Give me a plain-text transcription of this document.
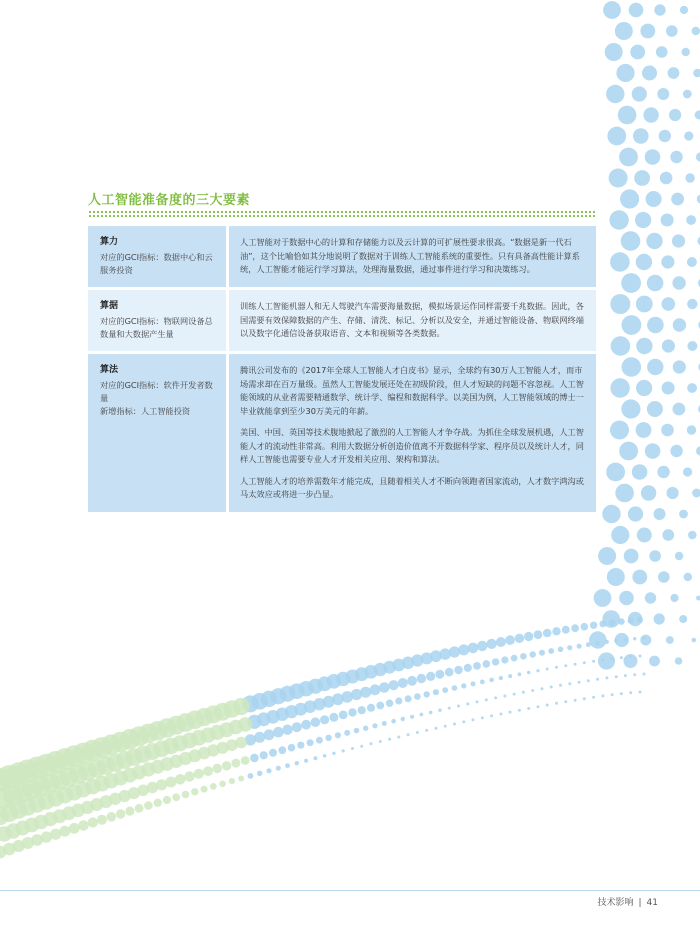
人工智能准备度的三大要素
算力
对应的GCI指标：数据中心和云服务投资

人工智能对于数据中心的计算和存储能力以及云计算的可扩展性要求很高。“数据是新一代石油”，这个比喻恰如其分地说明了数据对于训练人工智能系统的重要性。只有具备高性能计算系统，人工智能才能运行学习算法，处理海量数据，通过事件进行学习和决策练习。

算据
对应的GCI指标：物联网设备总数量和大数据产生量

训练人工智能机器人和无人驾驶汽车需要海量数据，模拟场景运作同样需要千兆数据。因此，各国需要有效保障数据的产生、存储、清洗、标记、分析以及安全，并通过智能设备、物联网终端以及数字化通信设备获取语音、文本和视频等各类数据。

算法
对应的GCI指标：软件开发者数量
新增指标：人工智能投资

腾讯公司发布的《2017年全球人工智能人才白皮书》显示，全球约有30万人工智能人才，而市场需求却在百万量级。虽然人工智能发展还处在初级阶段，但人才短缺的问题不容忽视。人工智能领域的从业者需要精通数学、统计学、编程和数据科学。以美国为例，人工智能领域的博士一毕业就能拿到至少30万美元的年薪。

美国、中国、英国等技术腹地掀起了激烈的人工智能人才争夺战。为抓住全球发展机遇，人工智能人才的流动性非常高。利用大数据分析创造价值离不开数据科学家、程序员以及统计人才，同样人工智能也需要专业人才开发相关应用、架构和算法。

人工智能人才的培养需数年才能完成，且随着相关人才不断向领跑者国家流动，人才数字鸿沟或马太效应或将进一步凸显。

技术影响 | 41
